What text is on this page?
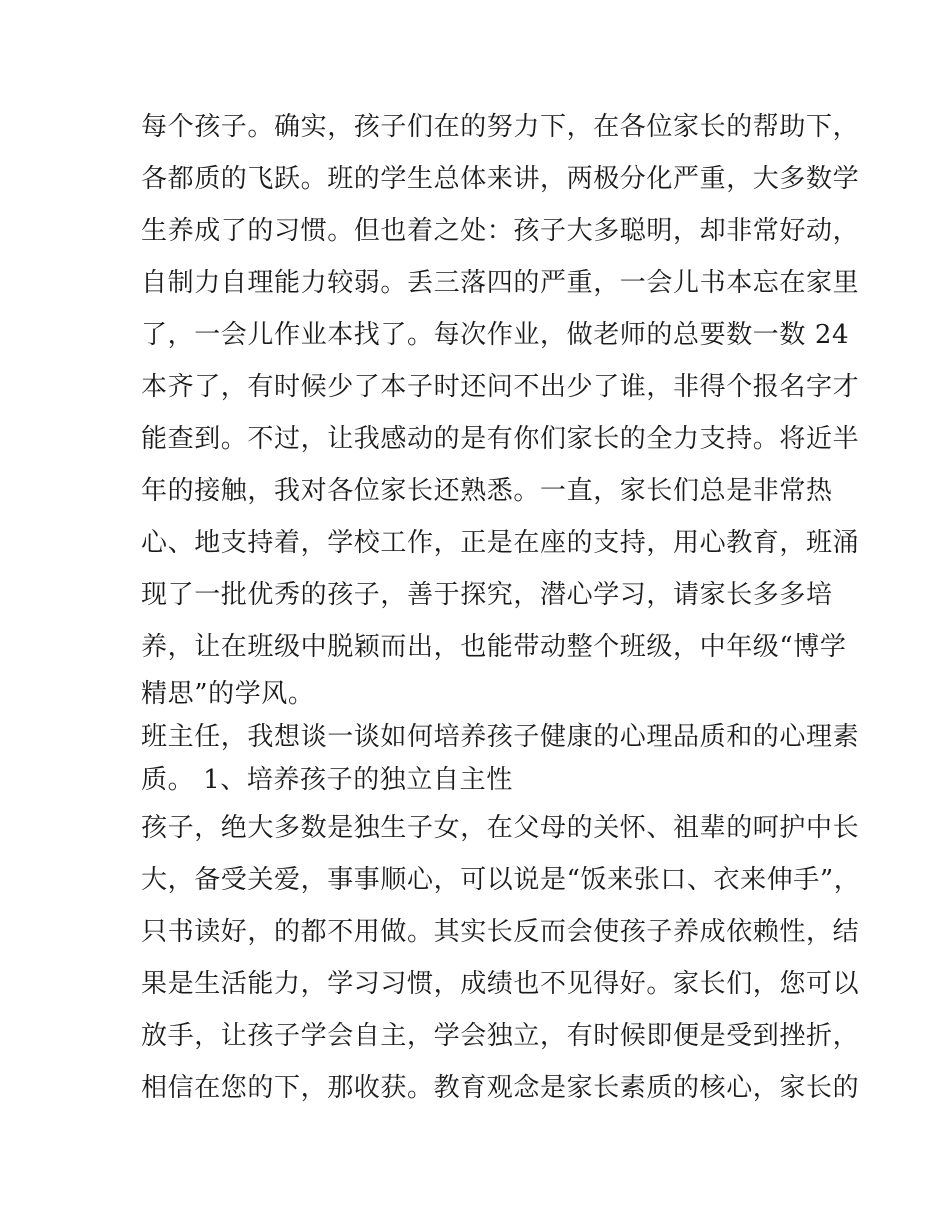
每个孩子。确实，孩子们在的努力下，在各位家长的帮助下，
各都质的飞跃。班的学生总体来讲，两极分化严重，大多数学
生养成了的习惯。但也着之处：孩子大多聪明，却非常好动，
自制力自理能力较弱。丢三落四的严重，一会儿书本忘在家里
了，一会儿作业本找了。每次作业，做老师的总要数一数 24
本齐了，有时候少了本子时还问不出少了谁，非得个报名字才
能查到。不过，让我感动的是有你们家长的全力支持。将近半
年的接触，我对各位家长还熟悉。一直，家长们总是非常热
心、地支持着，学校工作，正是在座的支持，用心教育，班涌
现了一批优秀的孩子，善于探究，潜心学习，请家长多多培
养，让在班级中脱颖而出，也能带动整个班级，中年级“博学
精思”的学风。
班主任，我想谈一谈如何培养孩子健康的心理品质和的心理素
质。 1、培养孩子的独立自主性
孩子，绝大多数是独生子女，在父母的关怀、祖辈的呵护中长
大，备受关爱，事事顺心，可以说是“饭来张口、衣来伸手”，
只书读好，的都不用做。其实长反而会使孩子养成依赖性，结
果是生活能力，学习习惯，成绩也不见得好。家长们，您可以
放手，让孩子学会自主，学会独立，有时候即便是受到挫折，
相信在您的下，那收获。教育观念是家长素质的核心，家长的
